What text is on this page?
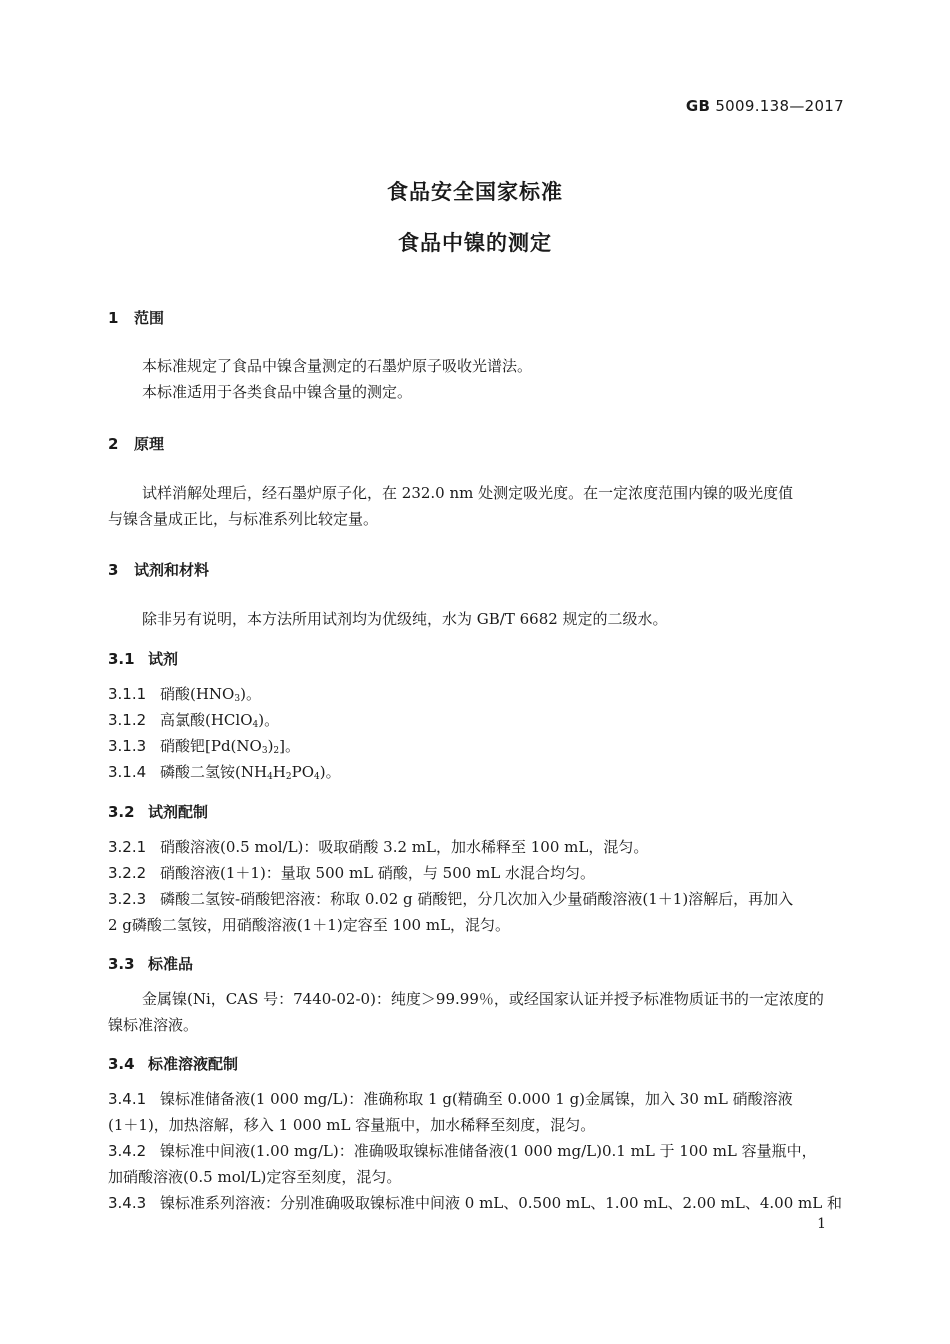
GB 5009.138—2017
食品安全国家标准
食品中镍的测定
1 范围
本标准规定了食品中镍含量测定的石墨炉原子吸收光谱法。
本标准适用于各类食品中镍含量的测定。
2 原理
试样消解处理后，经石墨炉原子化，在 232.0 nm 处测定吸光度。在一定浓度范围内镍的吸光度值
与镍含量成正比，与标准系列比较定量。
3 试剂和材料
除非另有说明，本方法所用试剂均为优级纯，水为 GB/T 6682 规定的二级水。
3.1 试剂
3.1.1 硝酸$(HNO_3)$。
3.1.2 高氯酸(HClO$_4$)。
3.1.3 硝酸钯$[Pd(NO_3)_2]$。
3.1.4 磷酸二氢铵$(NH_4H_2PO_4)$。
3.2 试剂配制
3.2.1 硝酸溶液(0.5 mol/L)：吸取硝酸 3.2 mL，加水稀释至 100 mL，混匀。
3.2.2 硝酸溶液(1＋1)：量取 500 mL 硝酸，与 500 mL 水混合均匀。
3.2.3 磷酸二氢铵-硝酸钯溶液：称取 0.02 g 硝酸钯，分几次加入少量硝酸溶液(1＋1)溶解后，再加入
2 g磷酸二氢铵，用硝酸溶液(1＋1)定容至 100 mL，混匀。
3.3 标准品
金属镍(Ni，CAS 号：7440-02-0)：纯度＞99.99％，或经国家认证并授予标准物质证书的一定浓度的
镍标准溶液。
3.4 标准溶液配制
3.4.1 镍标准储备液(1 000 mg/L)：准确称取 1 g(精确至 0.000 1 g)金属镍，加入 30 mL 硝酸溶液
(1＋1)，加热溶解，移入 1 000 mL 容量瓶中，加水稀释至刻度，混匀。
3.4.2 镍标准中间液(1.00 mg/L)：准确吸取镍标准储备液(1 000 mg/L)0.1 mL 于 100 mL 容量瓶中，
加硝酸溶液(0.5 mol/L)定容至刻度，混匀。
3.4.3 镍标准系列溶液：分别准确吸取镍标准中间液 0 mL、0.500 mL、1.00 mL、2.00 mL、4.00 mL 和
1
